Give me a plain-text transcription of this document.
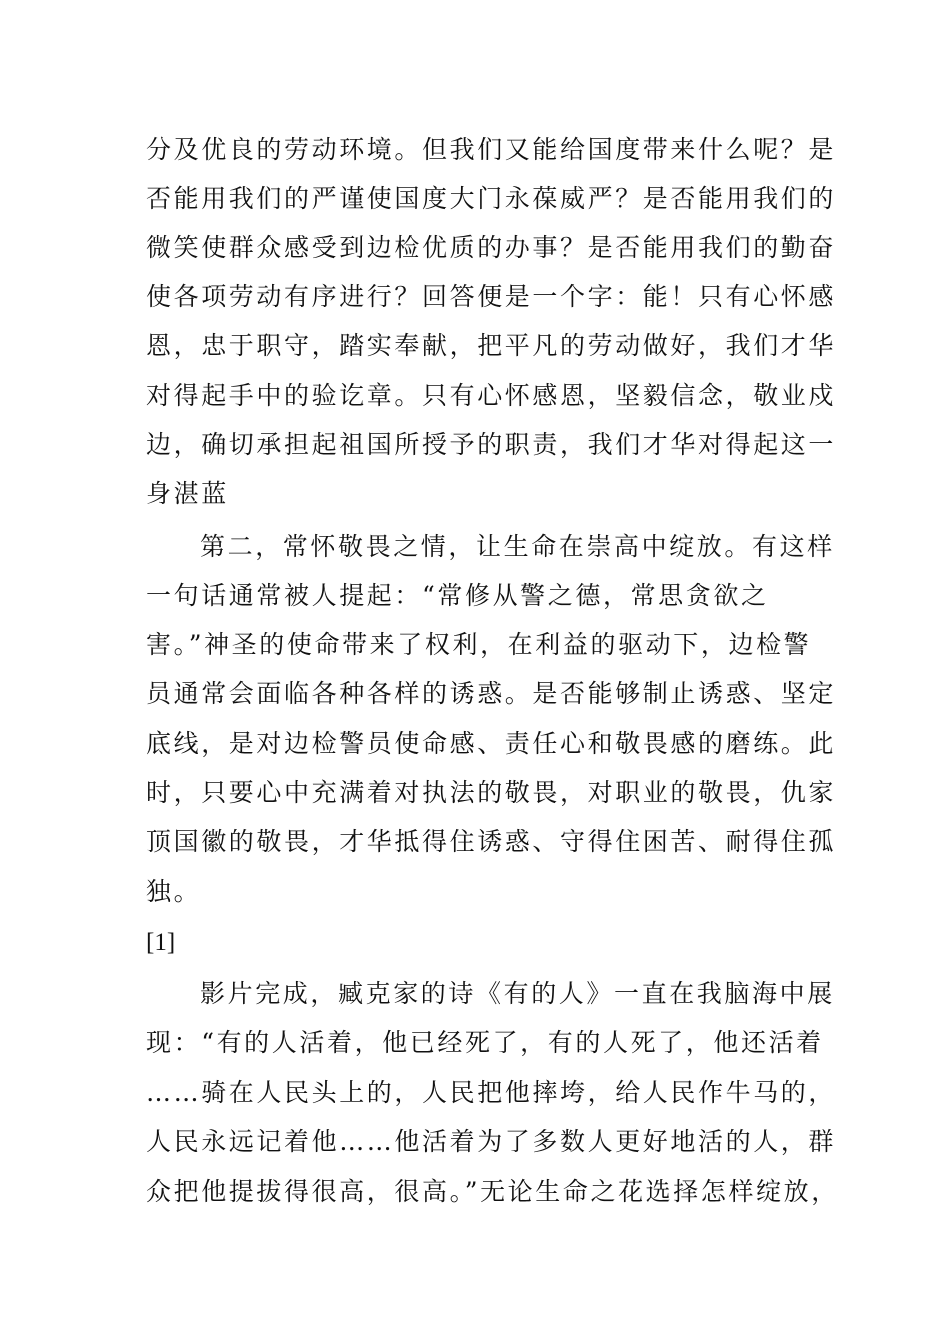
分及优良的劳动环境。但我们又能给国度带来什么呢？是
否能用我们的严谨使国度大门永葆威严？是否能用我们的
微笑使群众感受到边检优质的办事？是否能用我们的勤奋
使各项劳动有序进行？回答便是一个字：能！只有心怀感
恩，忠于职守，踏实奉献，把平凡的劳动做好，我们才华
对得起手中的验讫章。只有心怀感恩，坚毅信念，敬业戍
边，确切承担起祖国所授予的职责，我们才华对得起这一
身湛蓝
第二，常怀敬畏之情，让生命在崇高中绽放。有这样
一句话通常被人提起：“常修从警之德，常思贪欲之
害。”神圣的使命带来了权利，在利益的驱动下，边检警
员通常会面临各种各样的诱惑。是否能够制止诱惑、坚定
底线，是对边检警员使命感、责任心和敬畏感的磨练。此
时，只要心中充满着对执法的敬畏，对职业的敬畏，仇家
顶国徽的敬畏，才华抵得住诱惑、守得住困苦、耐得住孤
独。
[1]
影片完成，臧克家的诗《有的人》一直在我脑海中展
现：“有的人活着，他已经死了，有的人死了，他还活着
……骑在人民头上的，人民把他摔垮，给人民作牛马的，
人民永远记着他……他活着为了多数人更好地活的人，群
众把他提拔得很高，很高。”无论生命之花选择怎样绽放，
